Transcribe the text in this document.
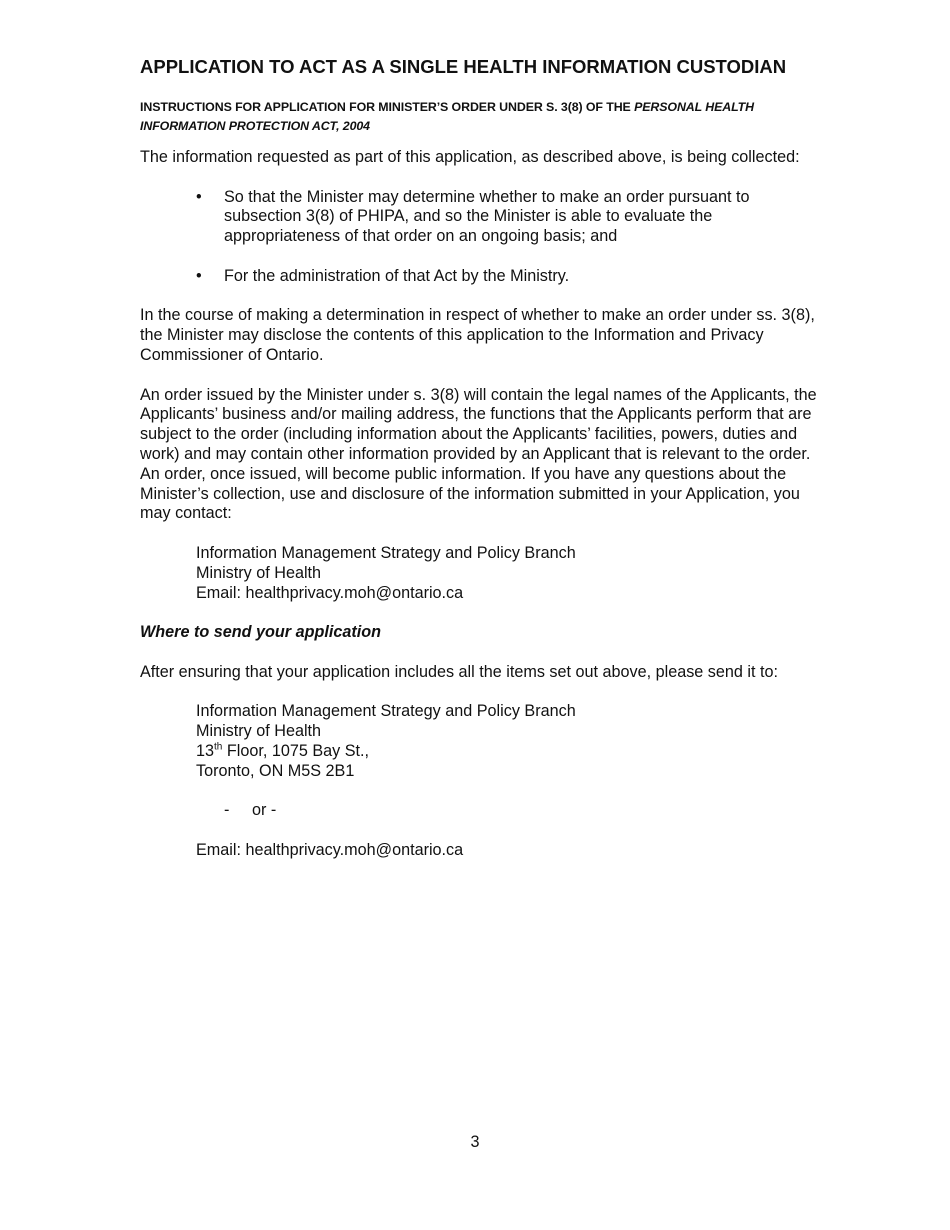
APPLICATION TO ACT AS A SINGLE HEALTH INFORMATION CUSTODIAN
INSTRUCTIONS FOR APPLICATION FOR MINISTER’S ORDER UNDER S. 3(8) OF THE PERSONAL HEALTH
INFORMATION PROTECTION ACT, 2004

The information requested as part of this application, as described above, is being collected:

• So that the Minister may determine whether to make an order pursuant to subsection 3(8) of PHIPA, and so the Minister is able to evaluate the appropriateness of that order on an ongoing basis; and
• For the administration of that Act by the Ministry.

In the course of making a determination in respect of whether to make an order under ss. 3(8), the Minister may disclose the contents of this application to the Information and Privacy Commissioner of Ontario.

An order issued by the Minister under s. 3(8) will contain the legal names of the Applicants, the Applicants’ business and/or mailing address, the functions that the Applicants perform that are subject to the order (including information about the Applicants’ facilities, powers, duties and work) and may contain other information provided by an Applicant that is relevant to the order. An order, once issued, will become public information. If you have any questions about the Minister’s collection, use and disclosure of the information submitted in your Application, you may contact:

Information Management Strategy and Policy Branch
Ministry of Health
Email: healthprivacy.moh@ontario.ca
Where to send your application

After ensuring that your application includes all the items set out above, please send it to:

Information Management Strategy and Policy Branch
Ministry of Health
13th Floor, 1075 Bay St.,
Toronto, ON M5S 2B1
- or -
Email: healthprivacy.moh@ontario.ca
3
